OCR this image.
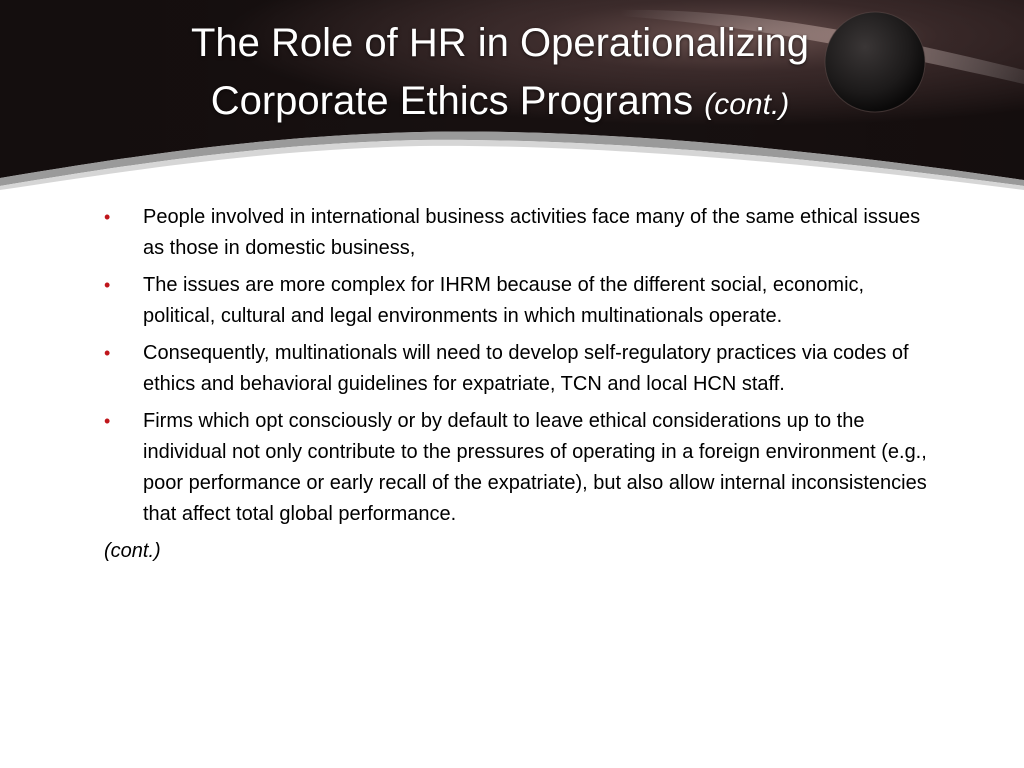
The Role of HR in Operationalizing Corporate Ethics Programs (cont.)
• People involved in international business activities face many of the same ethical issues as those in domestic business,
• The issues are more complex for IHRM because of the different social, economic, political, cultural and legal environments in which multinationals operate.
• Consequently, multinationals will need to develop self-regulatory practices via codes of ethics and behavioral guidelines for expatriate, TCN and local HCN staff.
• Firms which opt consciously or by default to leave ethical considerations up to the individual not only contribute to the pressures of operating in a foreign environment (e.g., poor performance or early recall of the expatriate), but also allow internal inconsistencies that affect total global performance.
(cont.)
